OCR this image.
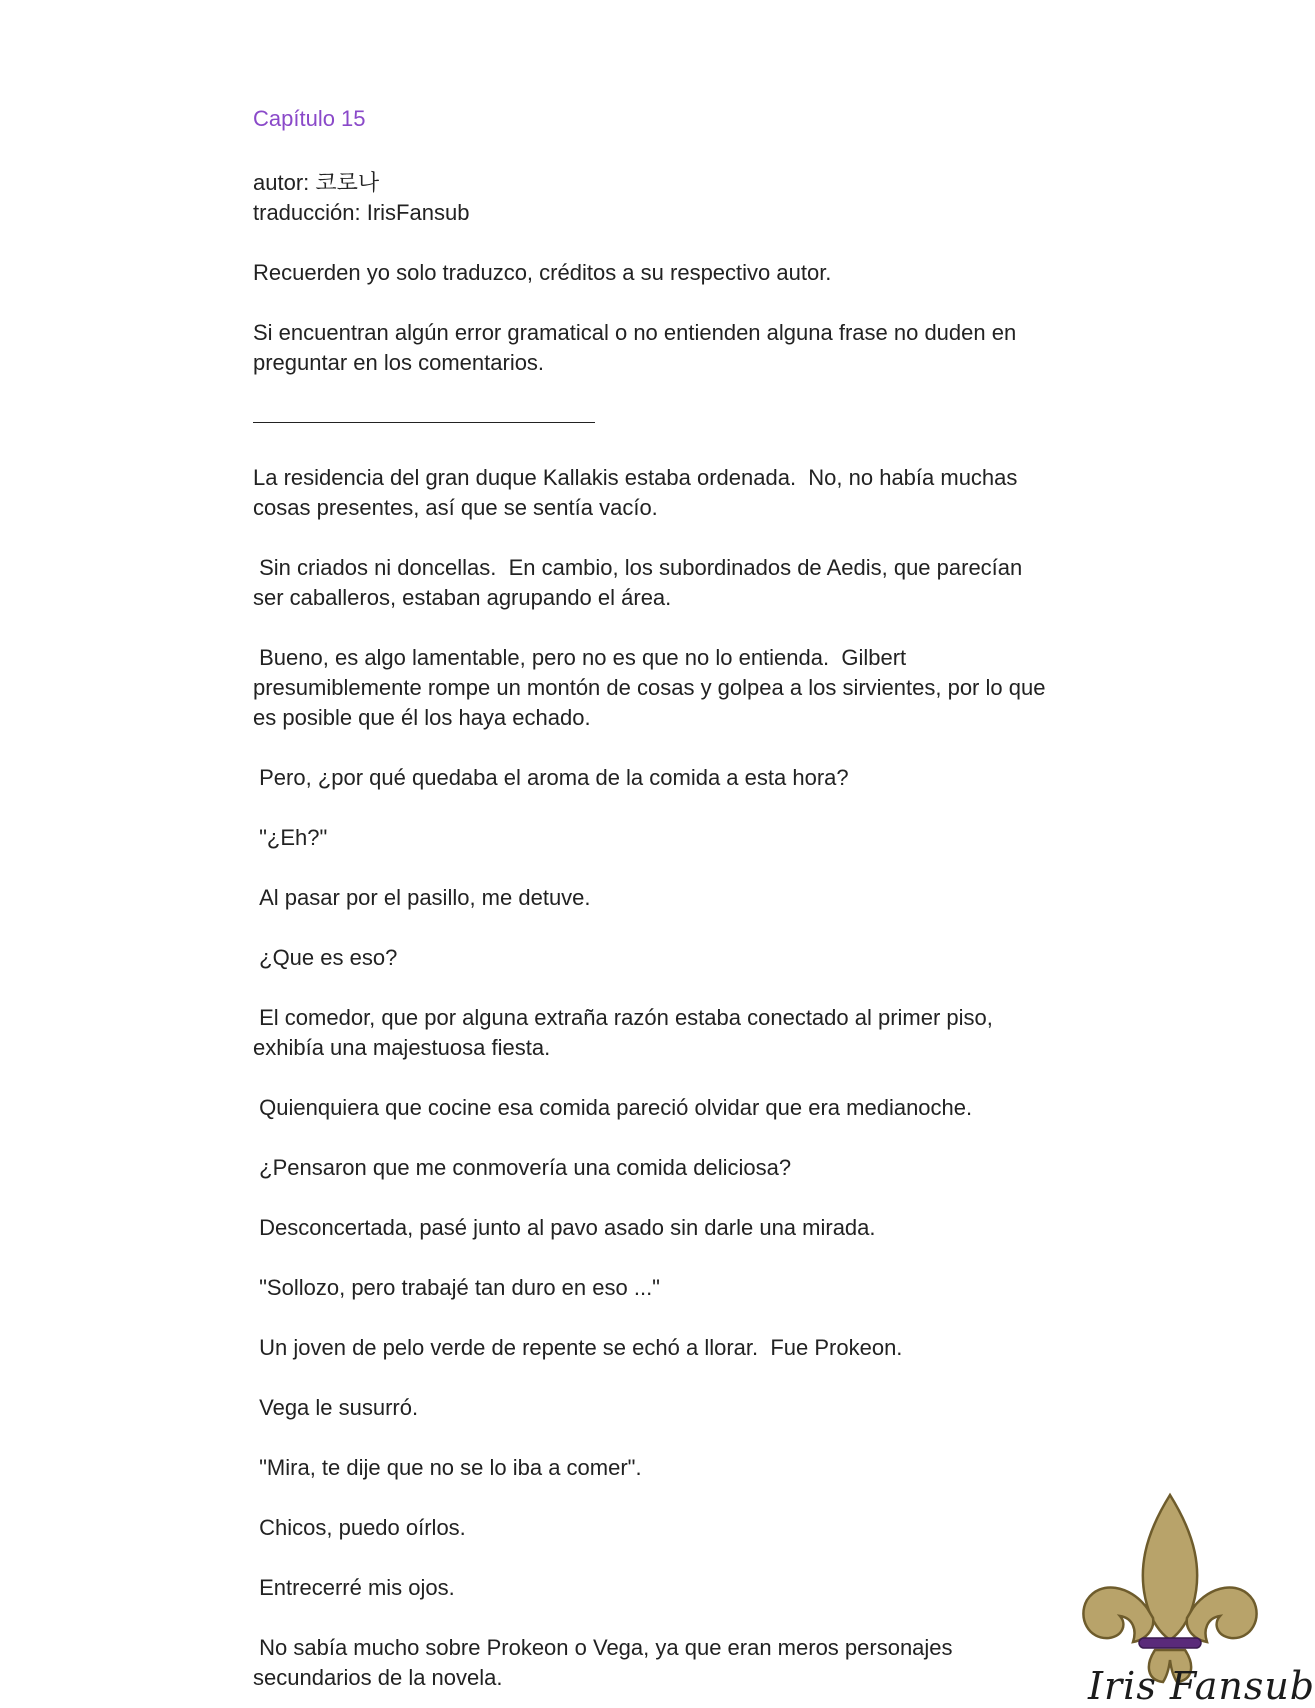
Capítulo 15
autor: 코로나
traducción: IrisFansub

Recuerden yo solo traduzco, créditos a su respectivo autor.

Si encuentran algún error gramatical o no entienden alguna frase no duden en preguntar en los comentarios.

La residencia del gran duque Kallakis estaba ordenada.  No, no había muchas cosas presentes, así que se sentía vacío.

Sin criados ni doncellas.  En cambio, los subordinados de Aedis, que parecían ser caballeros, estaban agrupando el área.

Bueno, es algo lamentable, pero no es que no lo entienda.  Gilbert presumiblemente rompe un montón de cosas y golpea a los sirvientes, por lo que es posible que él los haya echado.

Pero, ¿por qué quedaba el aroma de la comida a esta hora?

"¿Eh?"

Al pasar por el pasillo, me detuve.

¿Que es eso?

El comedor, que por alguna extraña razón estaba conectado al primer piso, exhibía una majestuosa fiesta.

Quienquiera que cocine esa comida pareció olvidar que era medianoche.

¿Pensaron que me conmovería una comida deliciosa?

Desconcertada, pasé junto al pavo asado sin darle una mirada.

"Sollozo, pero trabajé tan duro en eso ..."

Un joven de pelo verde de repente se echó a llorar.  Fue Prokeon.

Vega le susurró.

"Mira, te dije que no se lo iba a comer".

Chicos, puedo oírlos.

Entrecerré mis ojos.

No sabía mucho sobre Prokeon o Vega, ya que eran meros personajes secundarios de la novela.	Iris Fansub
